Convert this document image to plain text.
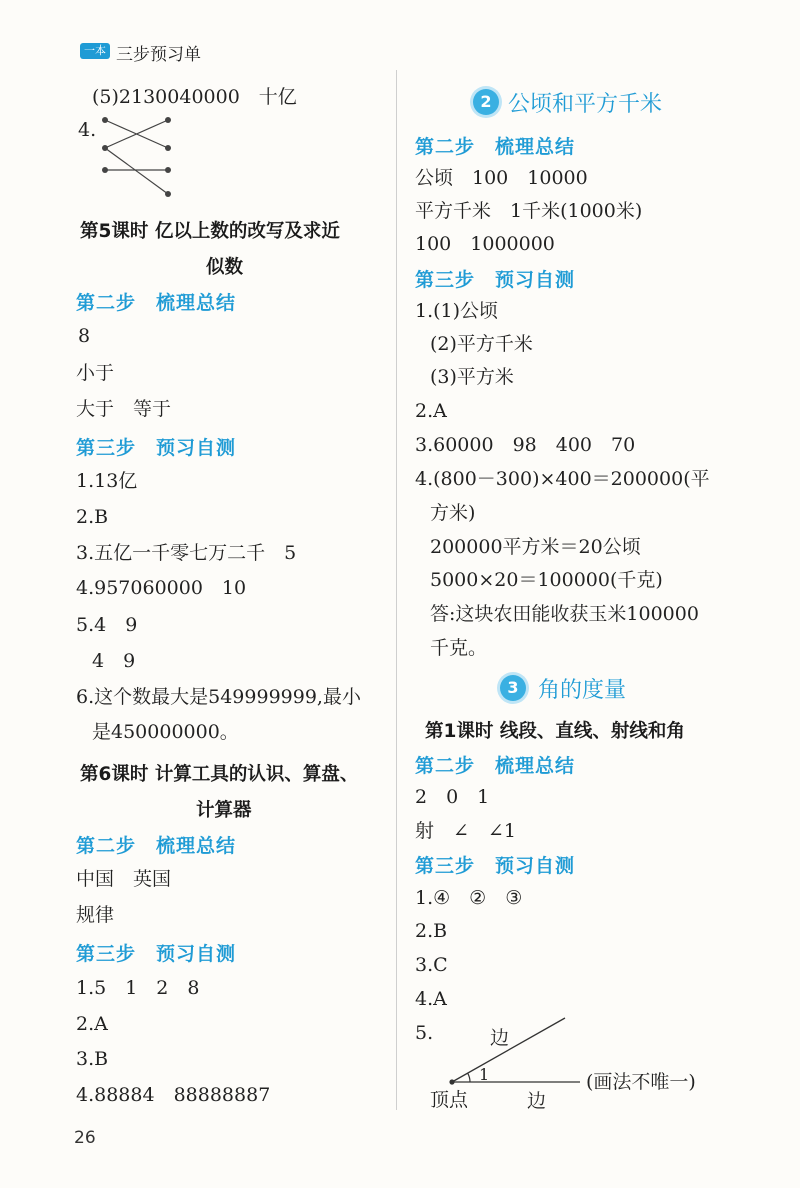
一本 三步预习单
(5)2130040000　十亿
4.
第5课时 亿以上数的改写及求近
似数
第二步　梳理总结
8
小于
大于　等于
第三步　预习自测
1.13亿
2.B
3.五亿一千零七万二千　5
4.957060000　10
5.4　9
4　9
6.这个数最大是549999999,最小
是450000000。
第6课时 计算工具的认识、算盘、
计算器
第二步　梳理总结
中国　英国
规律
第三步　预习自测
1.5　1　2　8
2.A
3.B
4.88884　88888887
2 公顷和平方千米
第二步　梳理总结
公顷　100　10000
平方千米　1千米(1000米)
100　1000000
第三步　预习自测
1.(1)公顷
(2)平方千米
(3)平方米
2.A
3.60000　98　400　70
4.(800－300)×400＝200000(平
方米)
200000平方米＝20公顷
5000×20＝100000(千克)
答:这块农田能收获玉米100000
千克。
3 角的度量
第1课时 线段、直线、射线和角
第二步　梳理总结
2　0　1
射　∠　∠1
第三步　预习自测
1.④　②　③
2.B
3.C
4.A
5.	边
1
顶点	边
(画法不唯一)
26
